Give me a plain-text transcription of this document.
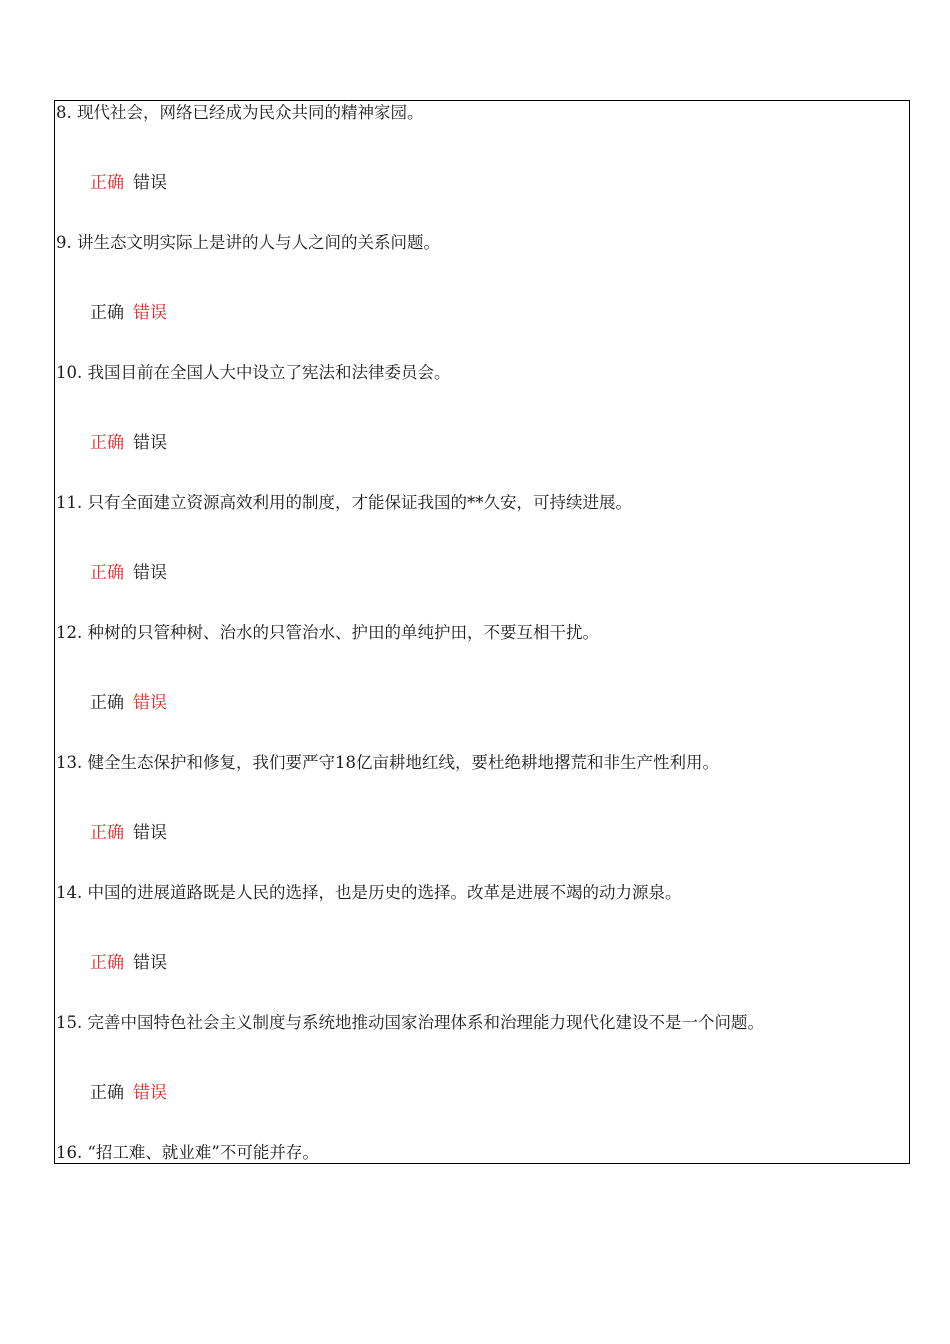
8. 现代社会，网络已经成为民众共同的精神家园。
正确 错误
9. 讲生态文明实际上是讲的人与人之间的关系问题。
正确 错误
10. 我国目前在全国人大中设立了宪法和法律委员会。
正确 错误
11. 只有全面建立资源高效利用的制度，才能保证我国的**久安，可持续进展。
正确 错误
12. 种树的只管种树、治水的只管治水、护田的单纯护田，不要互相干扰。
正确 错误
13. 健全生态保护和修复，我们要严守18亿亩耕地红线，要杜绝耕地撂荒和非生产性利用。
正确 错误
14. 中国的进展道路既是人民的选择，也是历史的选择。改革是进展不竭的动力源泉。
正确 错误
15. 完善中国特色社会主义制度与系统地推动国家治理体系和治理能力现代化建设不是一个问题。
正确 错误
16. “招工难、就业难”不可能并存。
